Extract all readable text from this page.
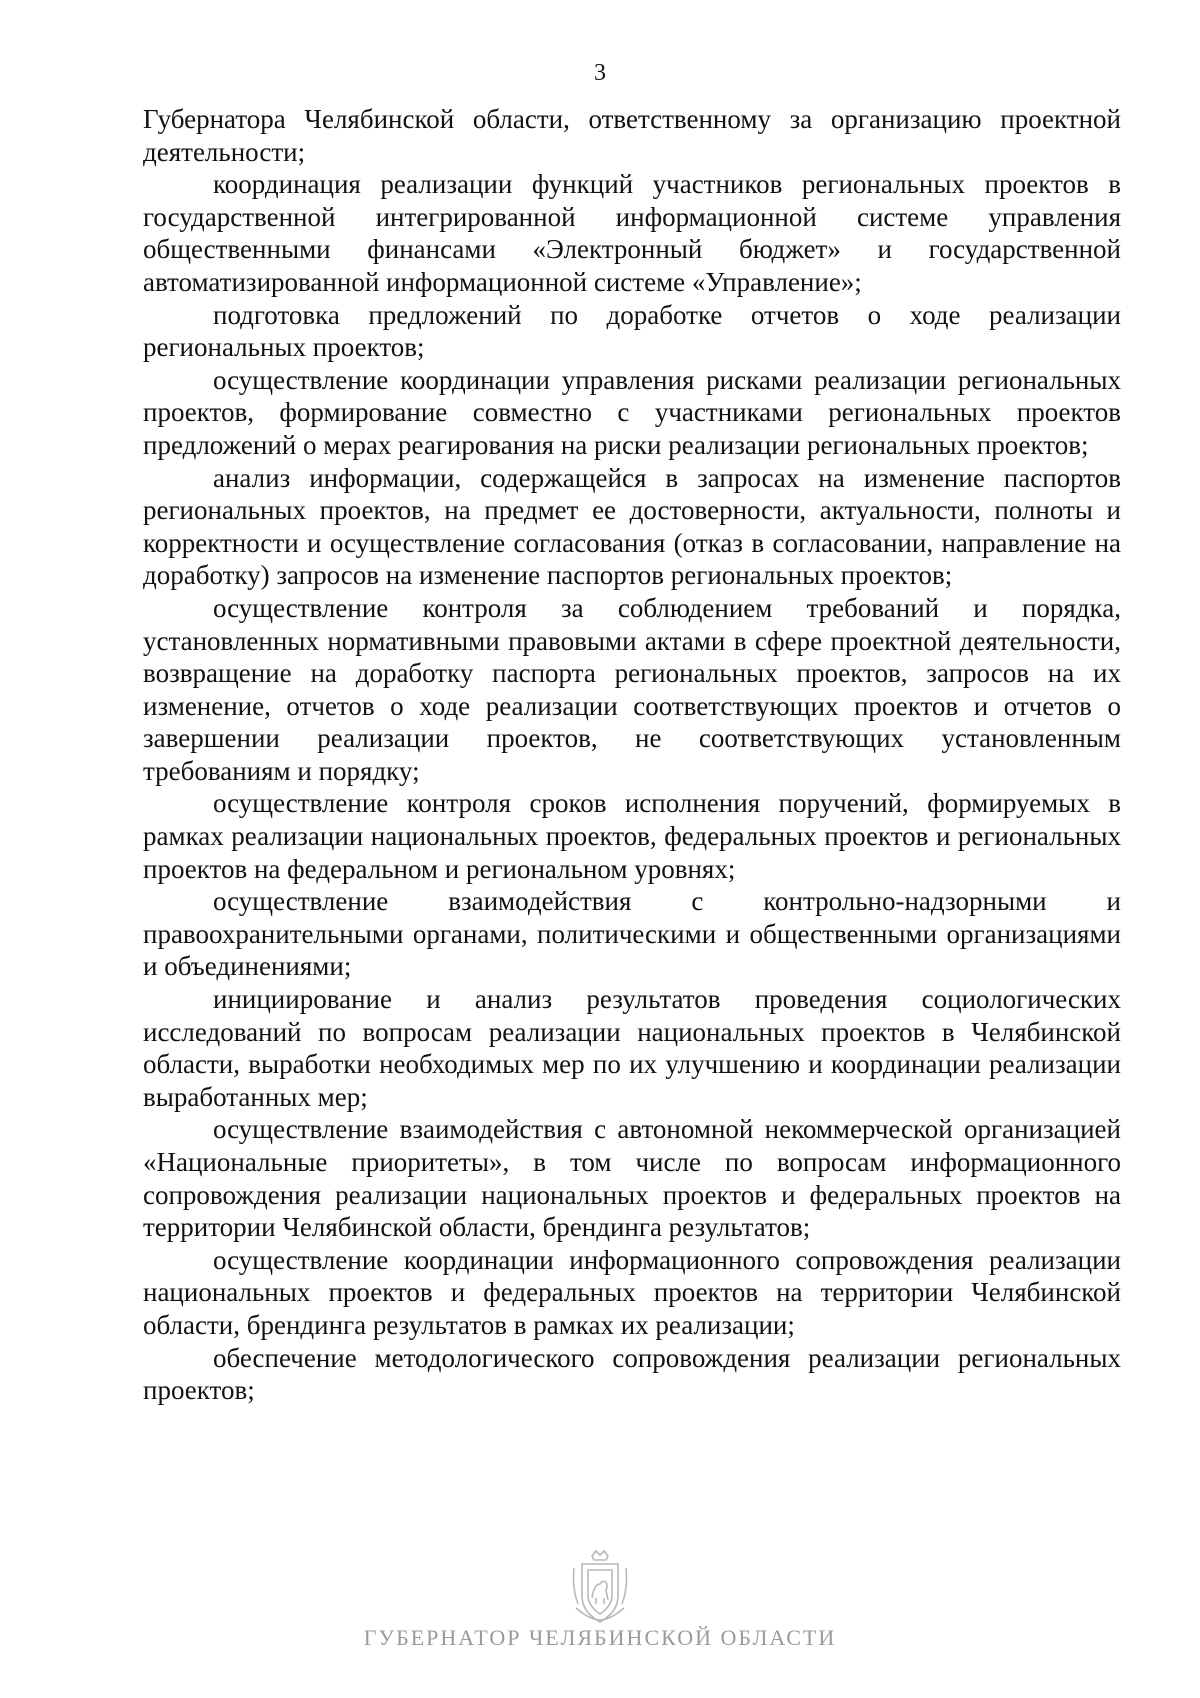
3

Губернатора Челябинской области, ответственному за организацию проектной деятельности;

координация реализации функций участников региональных проектов в государственной интегрированной информационной системе управления общественными финансами «Электронный бюджет» и государственной автоматизированной информационной системе «Управление»;

подготовка предложений по доработке отчетов о ходе реализации региональных проектов;

осуществление координации управления рисками реализации региональных проектов, формирование совместно с участниками региональных проектов предложений о мерах реагирования на риски реализации региональных проектов;

анализ информации, содержащейся в запросах на изменение паспортов региональных проектов, на предмет ее достоверности, актуальности, полноты и корректности и осуществление согласования (отказ в согласовании, направление на доработку) запросов на изменение паспортов региональных проектов;

осуществление контроля за соблюдением требований и порядка, установленных нормативными правовыми актами в сфере проектной деятельности, возвращение на доработку паспорта региональных проектов, запросов на их изменение, отчетов о ходе реализации соответствующих проектов и отчетов о завершении реализации проектов, не соответствующих установленным требованиям и порядку;

осуществление контроля сроков исполнения поручений, формируемых в рамках реализации национальных проектов, федеральных проектов и региональных проектов на федеральном и региональном уровнях;

осуществление взаимодействия с контрольно-надзорными и правоохранительными органами, политическими и общественными организациями и объединениями;

инициирование и анализ результатов проведения социологических исследований по вопросам реализации национальных проектов в Челябинской области, выработки необходимых мер по их улучшению и координации реализации выработанных мер;

осуществление взаимодействия с автономной некоммерческой организацией «Национальные приоритеты», в том числе по вопросам информационного сопровождения реализации национальных проектов и федеральных проектов на территории Челябинской области, брендинга результатов;

осуществление координации информационного сопровождения реализации национальных проектов и федеральных проектов на территории Челябинской области, брендинга результатов в рамках их реализации;

обеспечение методологического сопровождения реализации региональных проектов;

ГУБЕРНАТОР ЧЕЛЯБИНСКОЙ ОБЛАСТИ
